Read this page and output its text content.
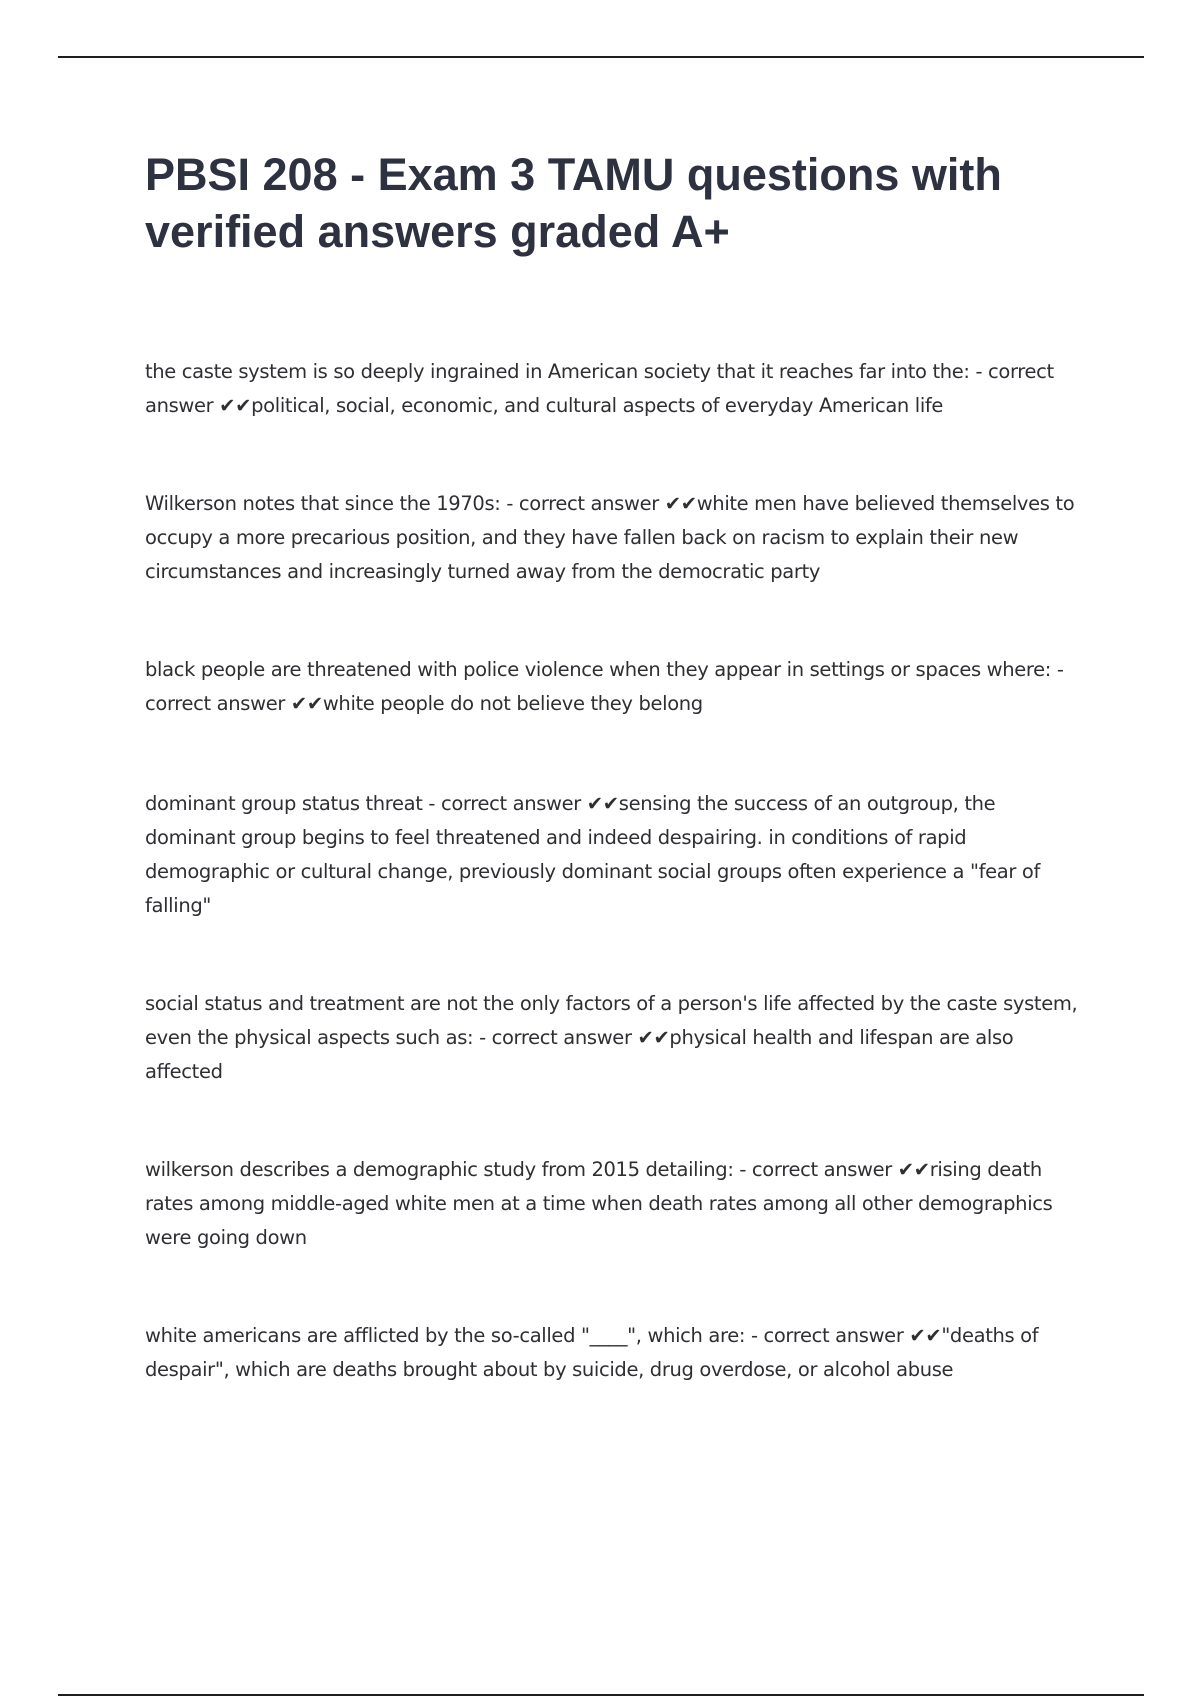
PBSI 208 - Exam 3 TAMU questions with verified answers graded A+
the caste system is so deeply ingrained in American society that it reaches far into the: - correct answer ✔✔political, social, economic, and cultural aspects of everyday American life
Wilkerson notes that since the 1970s: - correct answer ✔✔white men have believed themselves to occupy a more precarious position, and they have fallen back on racism to explain their new circumstances and increasingly turned away from the democratic party
black people are threatened with police violence when they appear in settings or spaces where: - correct answer ✔✔white people do not believe they belong
dominant group status threat - correct answer ✔✔sensing the success of an outgroup, the dominant group begins to feel threatened and indeed despairing. in conditions of rapid demographic or cultural change, previously dominant social groups often experience a "fear of falling"
social status and treatment are not the only factors of a person's life affected by the caste system, even the physical aspects such as: - correct answer ✔✔physical health and lifespan are also affected
wilkerson describes a demographic study from 2015 detailing: - correct answer ✔✔rising death rates among middle-aged white men at a time when death rates among all other demographics were going down
white americans are afflicted by the so-called "____", which are: - correct answer ✔✔"deaths of despair", which are deaths brought about by suicide, drug overdose, or alcohol abuse
